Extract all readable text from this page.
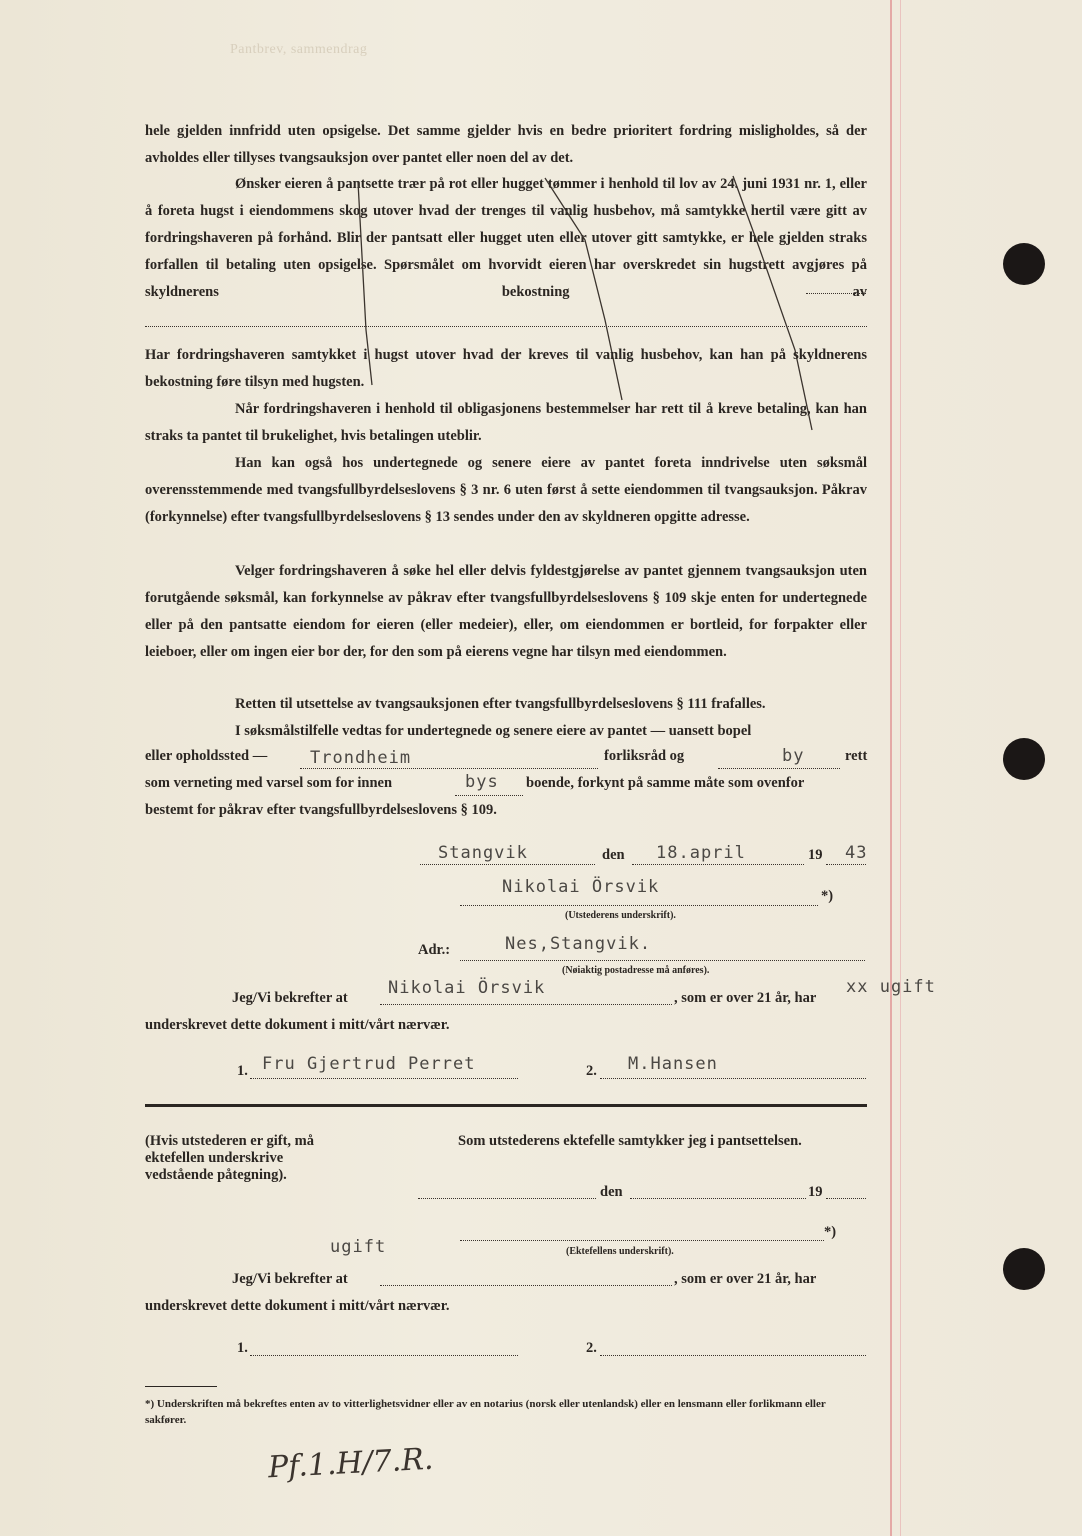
Pantbrev, sammendrag
hele gjelden innfridd uten opsigelse. Det samme gjelder hvis en bedre prioritert fordring misligholdes, så der avholdes eller tillyses tvangsauksjon over pantet eller noen del av det.
Ønsker eieren å pantsette trær på rot eller hugget tømmer i henhold til lov av 24. juni 1931 nr. 1, eller å foreta hugst i eiendommens skog utover hvad der trenges til vanlig husbehov, må samtykke hertil være gitt av fordringshaveren på forhånd. Blir der pantsatt eller hugget uten eller utover gitt samtykke, er hele gjelden straks forfallen til betaling uten opsigelse. Spørsmålet om hvorvidt eieren har overskredet sin hugstrett avgjøres på skyldnerens bekostning av
Har fordringshaveren samtykket i hugst utover hvad der kreves til vanlig husbehov, kan han på skyldnerens bekostning føre tilsyn med hugsten.
Når fordringshaveren i henhold til obligasjonens bestemmelser har rett til å kreve betaling, kan han straks ta pantet til brukelighet, hvis betalingen uteblir.
Han kan også hos undertegnede og senere eiere av pantet foreta inndrivelse uten søksmål overensstemmende med tvangsfullbyrdelseslovens § 3 nr. 6 uten først å sette eiendommen til tvangsauksjon. Påkrav (forkynnelse) efter tvangsfullbyrdelseslovens § 13 sendes under den av skyldneren opgitte adresse.
Velger fordringshaveren å søke hel eller delvis fyldestgjørelse av pantet gjennem tvangsauksjon uten forutgående søksmål, kan forkynnelse av påkrav efter tvangsfullbyrdelseslovens § 109 skje enten for undertegnede eller på den pantsatte eiendom for eieren (eller medeier), eller, om eiendommen er bortleid, for forpakter eller leieboer, eller om ingen eier bor der, for den som på eierens vegne har tilsyn med eiendommen.
Retten til utsettelse av tvangsauksjonen efter tvangsfullbyrdelseslovens § 111 frafalles.
I søksmålstilfelle vedtas for undertegnede og senere eiere av pantet — uansett bopel
eller opholdssted —	Trondheim	forliksråd og	by	rett
som verneting med varsel som for innen	bys boende, forkynt på samme måte som ovenfor
bestemt for påkrav efter tvangsfullbyrdelseslovens § 109.
Stangvik	den 18.april	19 43
Nikolai Örsvik	*)
(Utstederens underskrift).
Adr.:	Nes,Stangvik.
(Nøiaktig postadresse må anføres).
Jeg/Vi bekrefter at Nikolai Örsvik	, som er over 21 år, har
xx ugift
underskrevet dette dokument i mitt/vårt nærvær.
1. Fru Gjertrud Perret	2. M.Hansen
(Hvis utstederen er gift, må ektefellen underskrive vedstående påtegning).
Som utstederens ektefelle samtykker jeg i pantsettelsen.
den	19
*)
(Ektefellens underskrift).
ugift
Jeg/Vi bekrefter at	, som er over 21 år, har
underskrevet dette dokument i mitt/vårt nærvær.
1.	2.
*) Underskriften må bekreftes enten av to vitterlighetsvidner eller av en notarius (norsk eller utenlandsk) eller en lensmann eller forlikmann eller sakfører.
Pf.1.H/7.R.
